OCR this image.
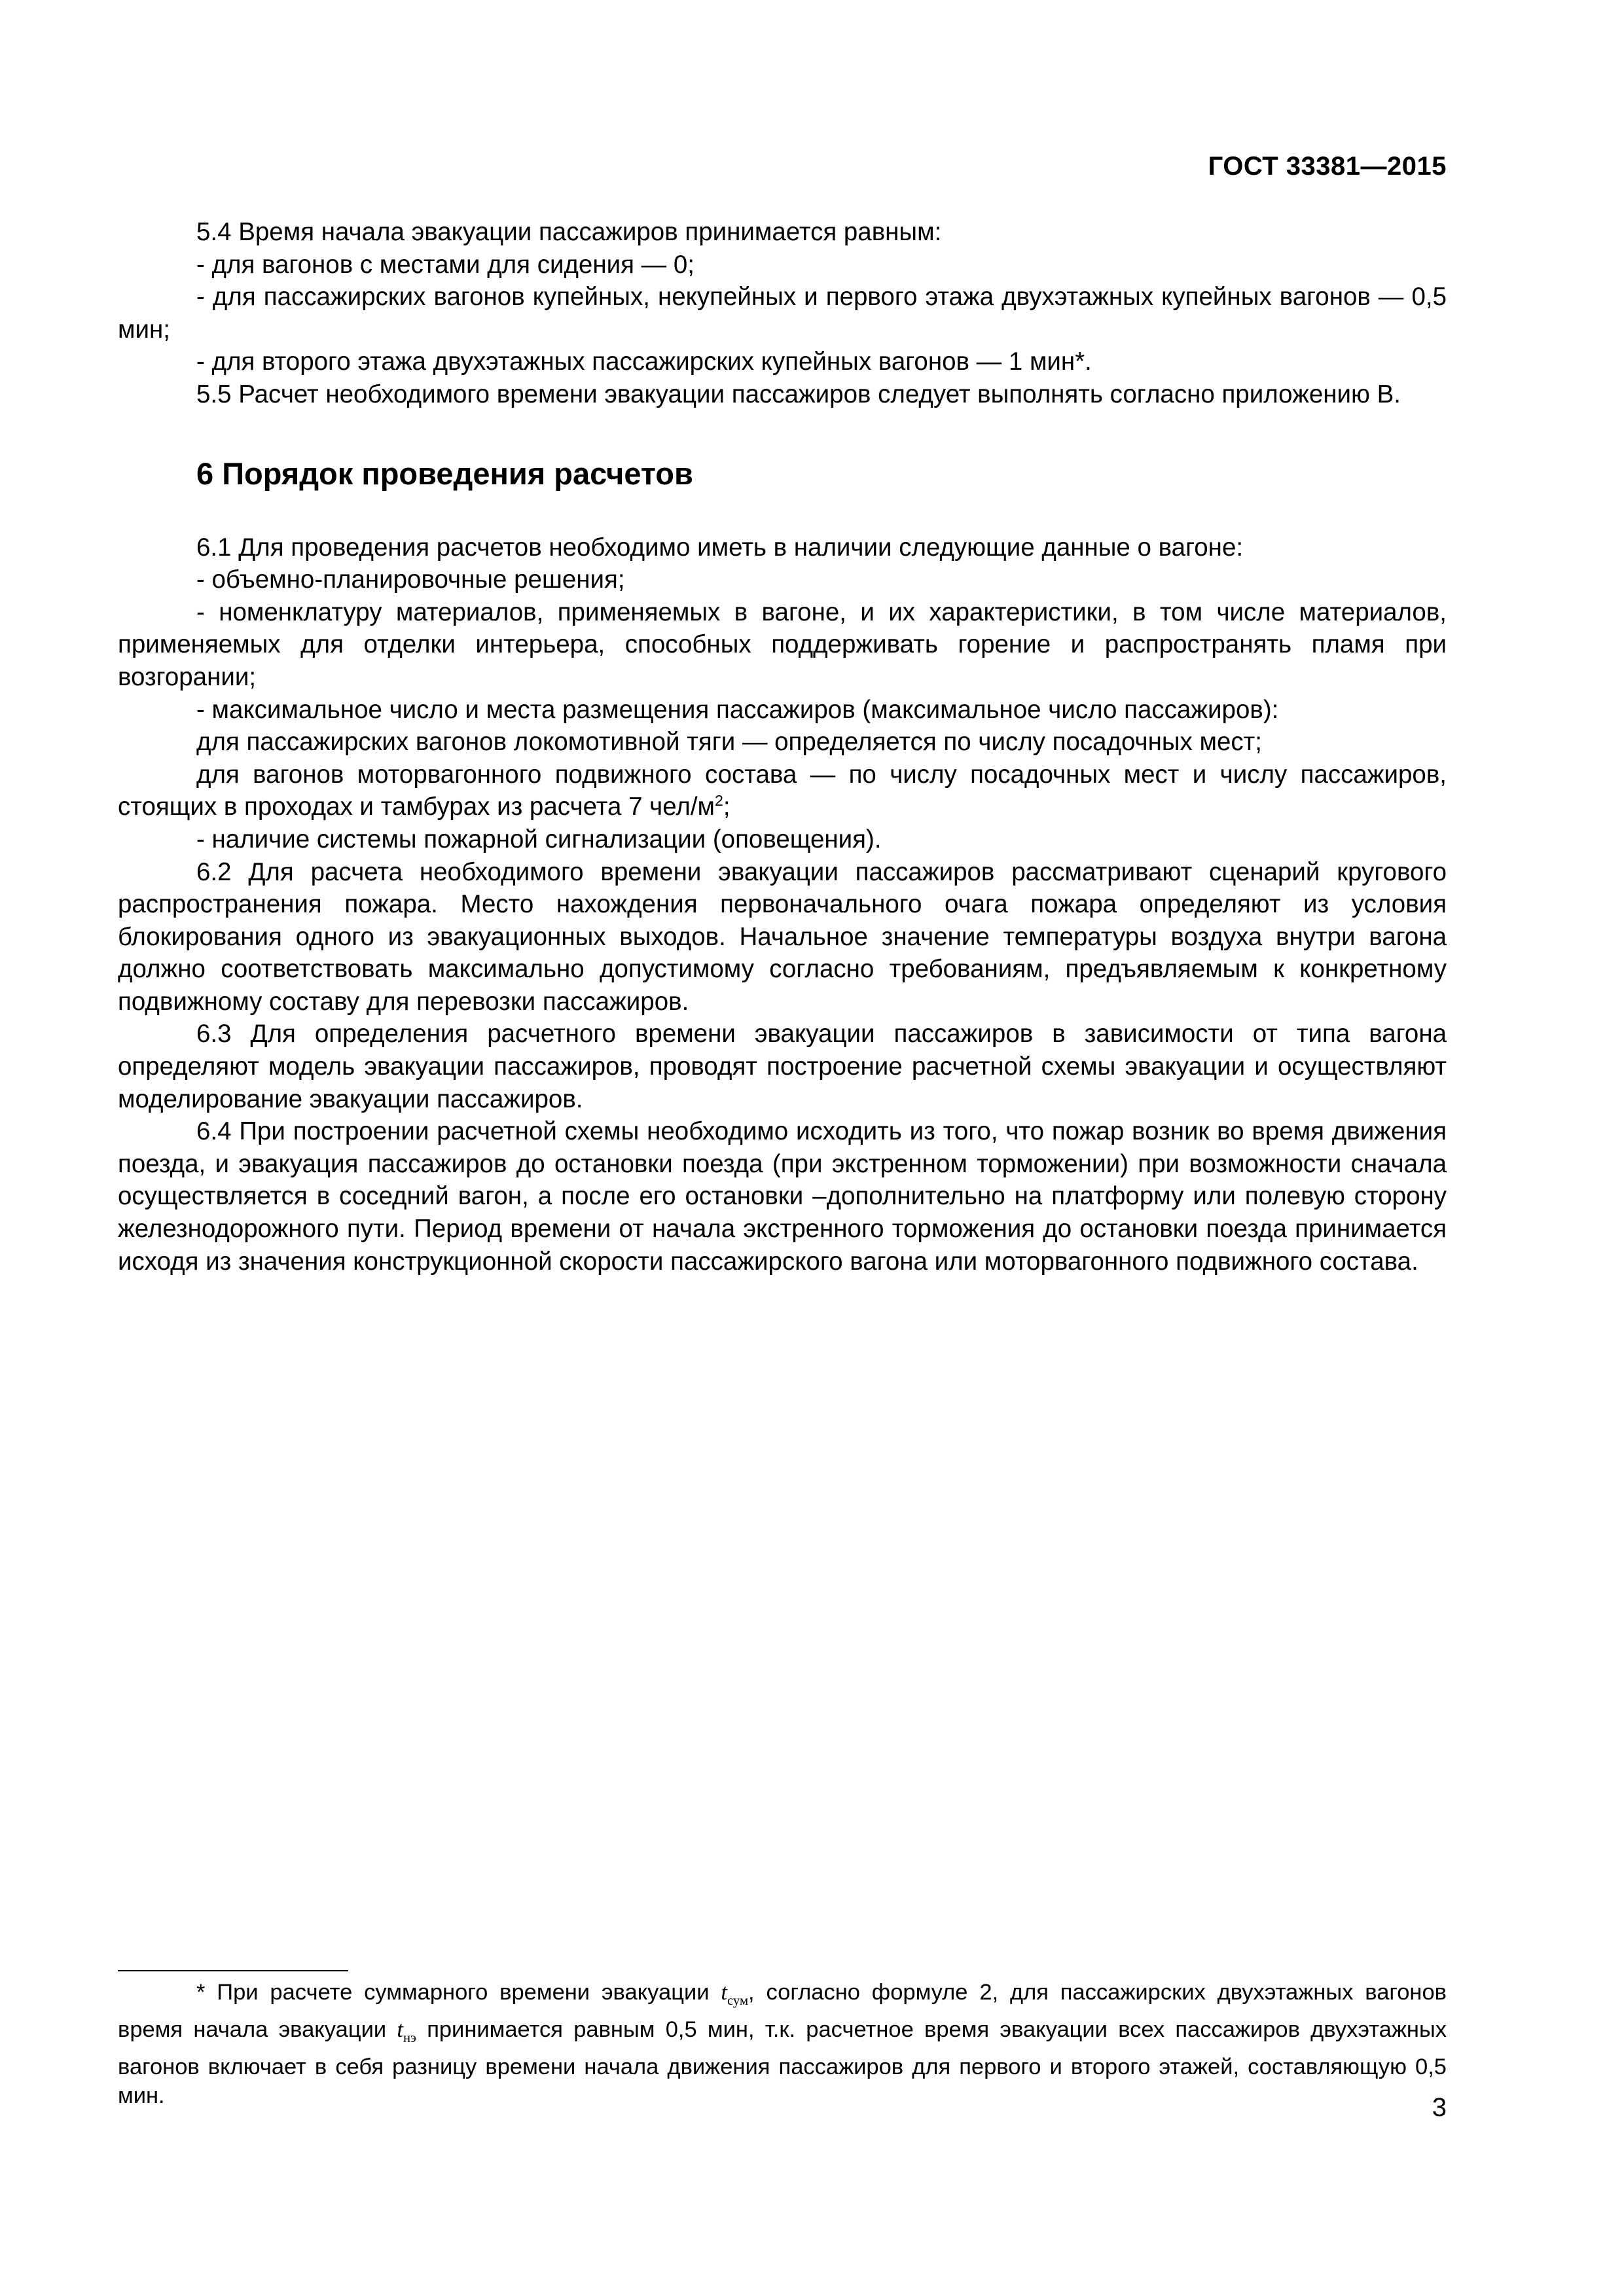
ГОСТ 33381—2015

5.4 Время начала эвакуации пассажиров принимается равным:

- для вагонов с местами для сидения — 0;

- для пассажирских вагонов купейных, некупейных и первого этажа двухэтажных купейных вагонов — 0,5 мин;

- для второго этажа двухэтажных пассажирских купейных вагонов — 1 мин*.

5.5 Расчет необходимого времени эвакуации пассажиров следует выполнять согласно приложению В.

6 Порядок проведения расчетов

6.1 Для проведения расчетов необходимо иметь в наличии следующие данные о вагоне:

- объемно-планировочные решения;

- номенклатуру материалов, применяемых в вагоне, и их характеристики, в том числе материалов, применяемых для отделки интерьера, способных поддерживать горение и распространять пламя при возгорании;

- максимальное число и места размещения пассажиров (максимальное число пассажиров):

для пассажирских вагонов локомотивной тяги — определяется по числу посадочных мест;

для вагонов моторвагонного подвижного состава — по числу посадочных мест и числу пассажиров, стоящих в проходах и тамбурах из расчета 7 чел/$м^2$;

- наличие системы пожарной сигнализации (оповещения).

6.2 Для расчета необходимого времени эвакуации пассажиров рассматривают сценарий кругового распространения пожара. Место нахождения первоначального очага пожара определяют из условия блокирования одного из эвакуационных выходов. Начальное значение температуры воздуха внутри вагона должно соответствовать максимально допустимому согласно требованиям, предъявляемым к конкретному подвижному составу для перевозки пассажиров.

6.3 Для определения расчетного времени эвакуации пассажиров в зависимости от типа вагона определяют модель эвакуации пассажиров, проводят построение расчетной схемы эвакуации и осуществляют моделирование эвакуации пассажиров.

6.4 При построении расчетной схемы необходимо исходить из того, что пожар возник во время движения поезда, и эвакуация пассажиров до остановки поезда (при экстренном торможении) при возможности сначала осуществляется в соседний вагон, а после его остановки –дополнительно на платформу или полевую сторону железнодорожного пути. Период времени от начала экстренного торможения до остановки поезда принимается исходя из значения конструкционной скорости пассажирского вагона или моторвагонного подвижного состава.

* При расчете суммарного времени эвакуации $t_{сум}$, согласно формуле 2, для пассажирских двухэтажных вагонов время начала эвакуации $t_{нэ}$ принимается равным 0,5 мин, т.к. расчетное время эвакуации всех пассажиров двухэтажных вагонов включает в себя разницу времени начала движения пассажиров для первого и второго этажей, составляющую 0,5 мин.	3
